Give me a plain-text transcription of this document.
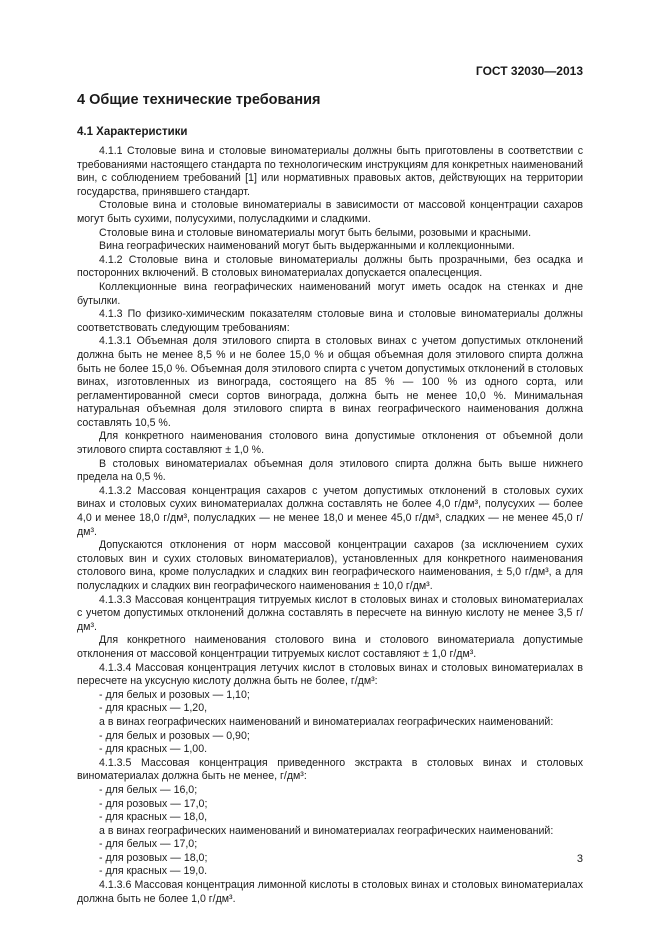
ГОСТ 32030—2013
4 Общие технические требования
4.1 Характеристики

4.1.1 Столовые вина и столовые виноматериалы должны быть приготовлены в соответствии с требованиями настоящего стандарта по технологическим инструкциям для конкретных наименований вин, с соблюдением требований [1] или нормативных правовых актов, действующих на территории государства, принявшего стандарт.

Столовые вина и столовые виноматериалы в зависимости от массовой концентрации сахаров могут быть сухими, полусухими, полусладкими и сладкими.

Столовые вина и столовые виноматериалы могут быть белыми, розовыми и красными.

Вина географических наименований могут быть выдержанными и коллекционными.

4.1.2 Столовые вина и столовые виноматериалы должны быть прозрачными, без осадка и посторонних включений. В столовых виноматериалах допускается опалесценция.

Коллекционные вина географических наименований могут иметь осадок на стенках и дне бутылки.

4.1.3 По физико-химическим показателям столовые вина и столовые виноматериалы должны соответствовать следующим требованиям:

4.1.3.1 Объемная доля этилового спирта в столовых винах с учетом допустимых отклонений должна быть не менее 8,5 % и не более 15,0 % и общая объемная доля этилового спирта должна быть не более 15,0 %. Объемная доля этилового спирта с учетом допустимых отклонений в столовых винах, изготовленных из винограда, состоящего на 85 % — 100 % из одного сорта, или регламентированной смеси сортов винограда, должна быть не менее 10,0 %. Минимальная натуральная объемная доля этилового спирта в винах географического наименования должна составлять 10,5 %.

Для конкретного наименования столового вина допустимые отклонения от объемной доли этилового спирта составляют ± 1,0 %.

В столовых виноматериалах объемная доля этилового спирта должна быть выше нижнего предела на 0,5 %.

4.1.3.2 Массовая концентрация сахаров с учетом допустимых отклонений в столовых сухих винах и столовых сухих виноматериалах должна составлять не более 4,0 г/дм³, полусухих — более 4,0 и менее 18,0 г/дм³, полусладких — не менее 18,0 и менее 45,0 г/дм³, сладких — не менее 45,0 г/дм³.

Допускаются отклонения от норм массовой концентрации сахаров (за исключением сухих столовых вин и сухих столовых виноматериалов), установленных для конкретного наименования столового вина, кроме полусладких и сладких вин географического наименования, ± 5,0 г/дм³, а для полусладких и сладких вин географического наименования ± 10,0 г/дм³.

4.1.3.3 Массовая концентрация титруемых кислот в столовых винах и столовых виноматериалах с учетом допустимых отклонений должна составлять в пересчете на винную кислоту не менее 3,5 г/дм³.

Для конкретного наименования столового вина и столового виноматериала допустимые отклонения от массовой концентрации титруемых кислот составляют ± 1,0 г/дм³.

4.1.3.4 Массовая концентрация летучих кислот в столовых винах и столовых виноматериалах в пересчете на уксусную кислоту должна быть не более, г/дм³:

- для белых и розовых — 1,10;

- для красных — 1,20,

а в винах географических наименований и виноматериалах географических наименований:

- для белых и розовых — 0,90;

- для красных — 1,00.

4.1.3.5 Массовая концентрация приведенного экстракта в столовых винах и столовых виноматериалах должна быть не менее, г/дм³:

- для белых — 16,0;

- для розовых — 17,0;

- для красных — 18,0,

а в винах географических наименований и виноматериалах географических наименований:

- для белых — 17,0;

- для розовых — 18,0;

- для красных — 19,0.

4.1.3.6 Массовая концентрация лимонной кислоты в столовых винах и столовых виноматериалах должна быть не более 1,0 г/дм³.

3
